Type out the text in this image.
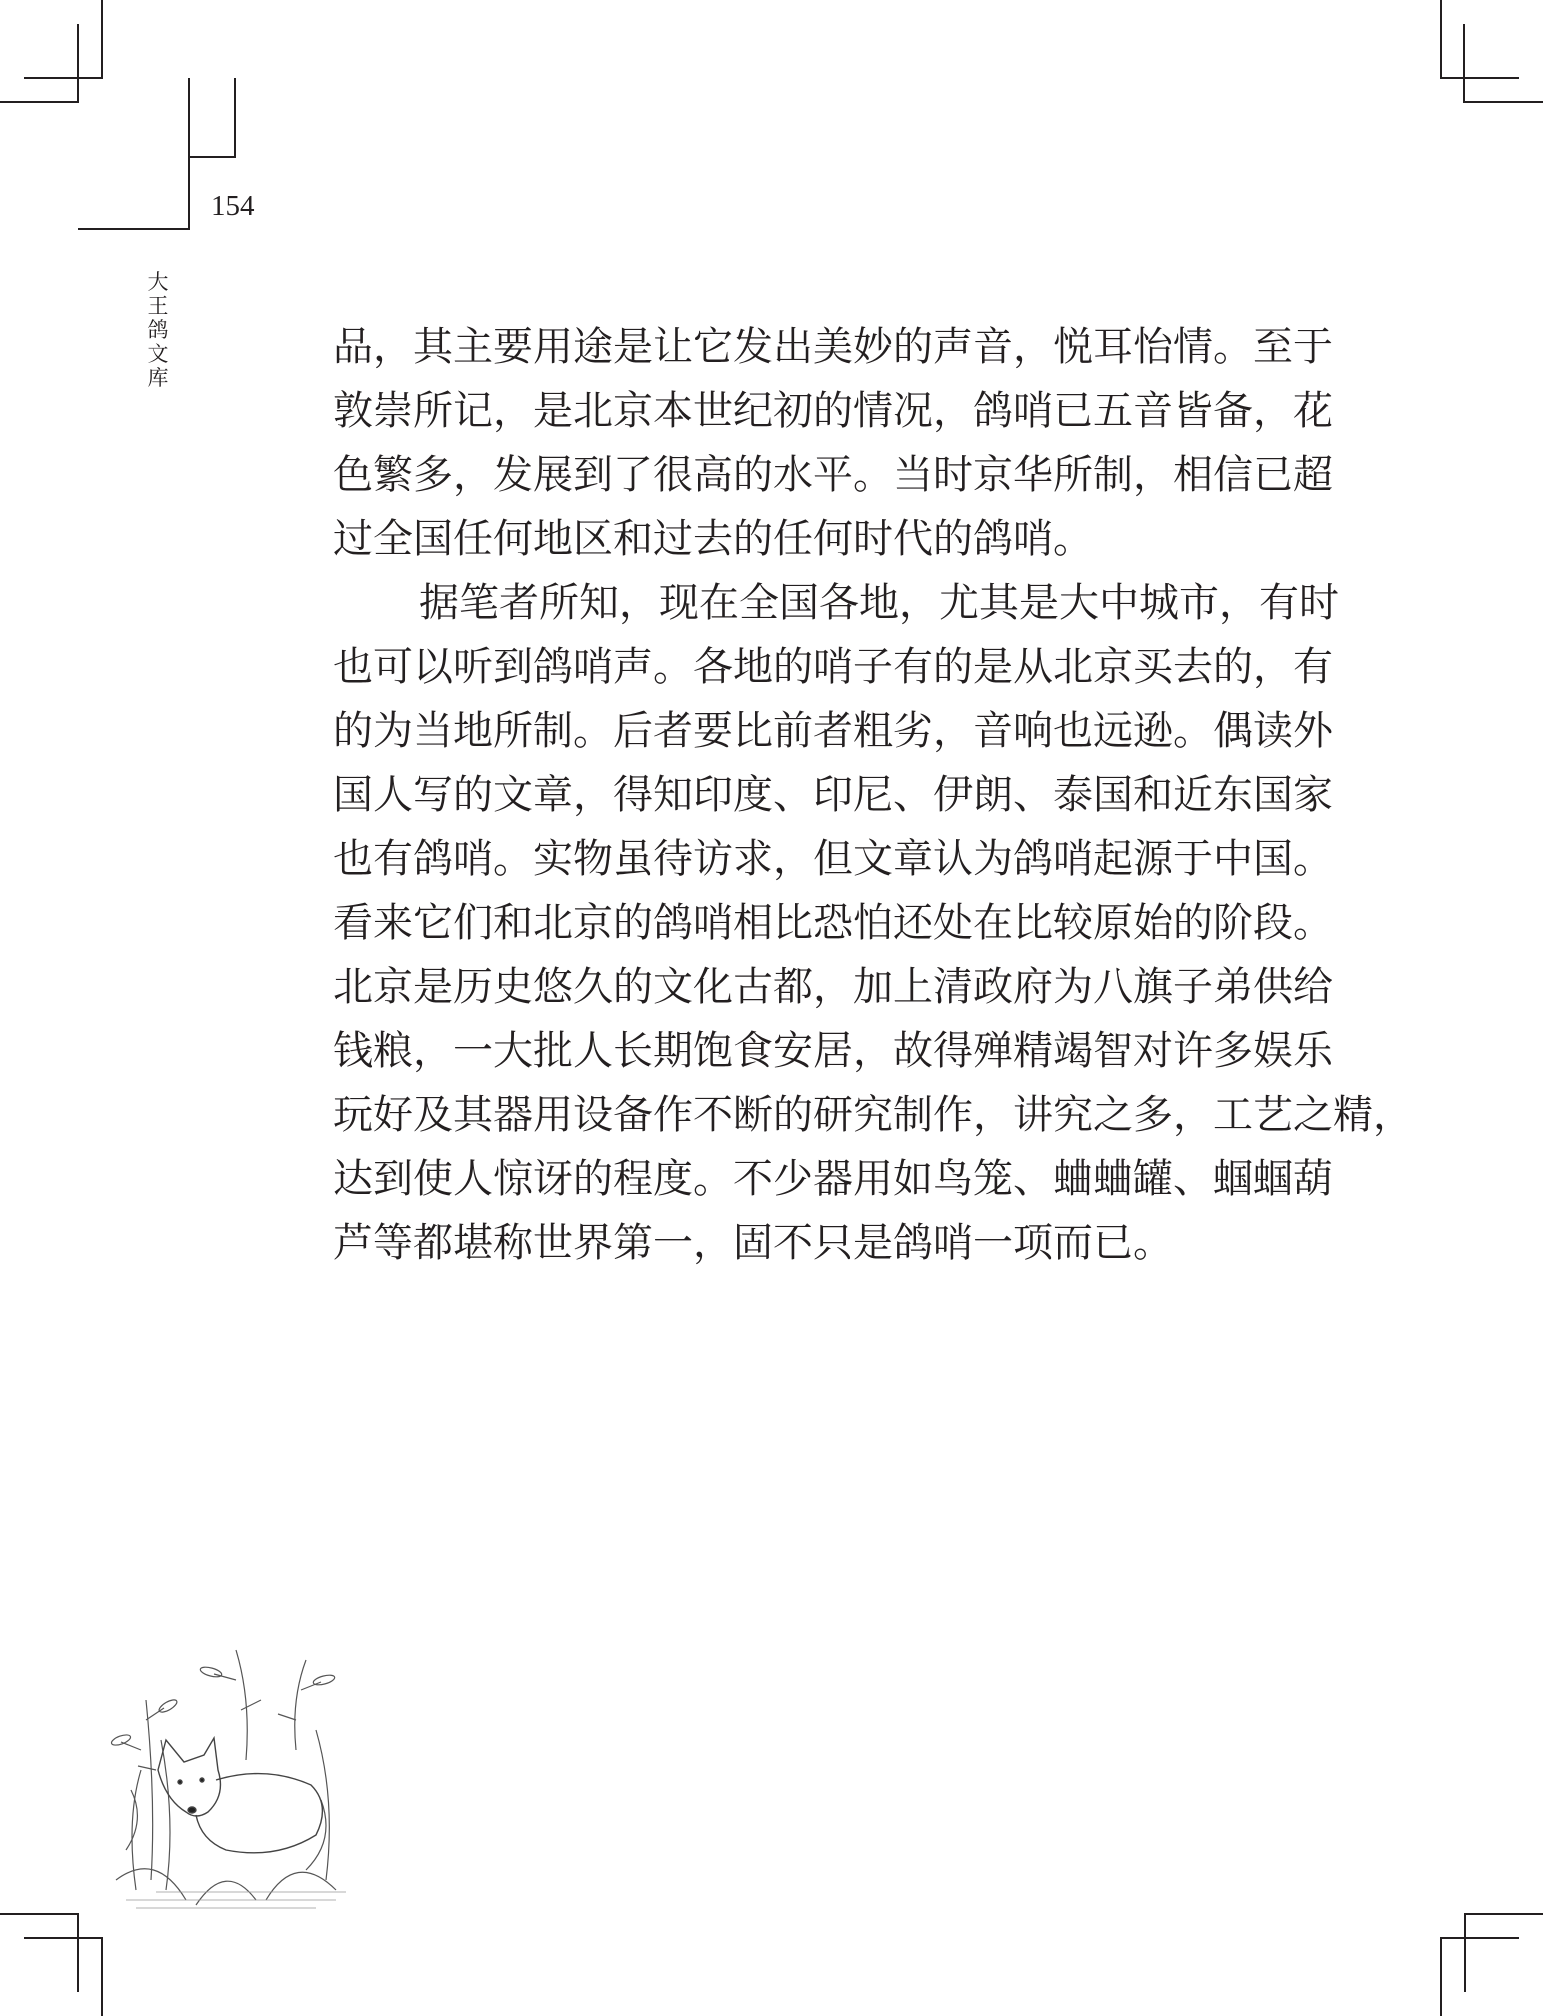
154
大
王
鸽
文
库
品，其主要用途是让它发出美妙的声音，悦耳怡情。至于
敦崇所记，是北京本世纪初的情况，鸽哨已五音皆备，花
色繁多，发展到了很高的水平。当时京华所制，相信已超
过全国任何地区和过去的任何时代的鸽哨。
据笔者所知，现在全国各地，尤其是大中城市，有时
也可以听到鸽哨声。各地的哨子有的是从北京买去的，有
的为当地所制。后者要比前者粗劣，音响也远逊。偶读外
国人写的文章，得知印度、印尼、伊朗、泰国和近东国家
也有鸽哨。实物虽待访求，但文章认为鸽哨起源于中国。
看来它们和北京的鸽哨相比恐怕还处在比较原始的阶段。
北京是历史悠久的文化古都，加上清政府为八旗子弟供给
钱粮，一大批人长期饱食安居，故得殚精竭智对许多娱乐
玩好及其器用设备作不断的研究制作，讲究之多，工艺之精，
达到使人惊讶的程度。不少器用如鸟笼、蛐蛐罐、蝈蝈葫
芦等都堪称世界第一，固不只是鸽哨一项而已。
